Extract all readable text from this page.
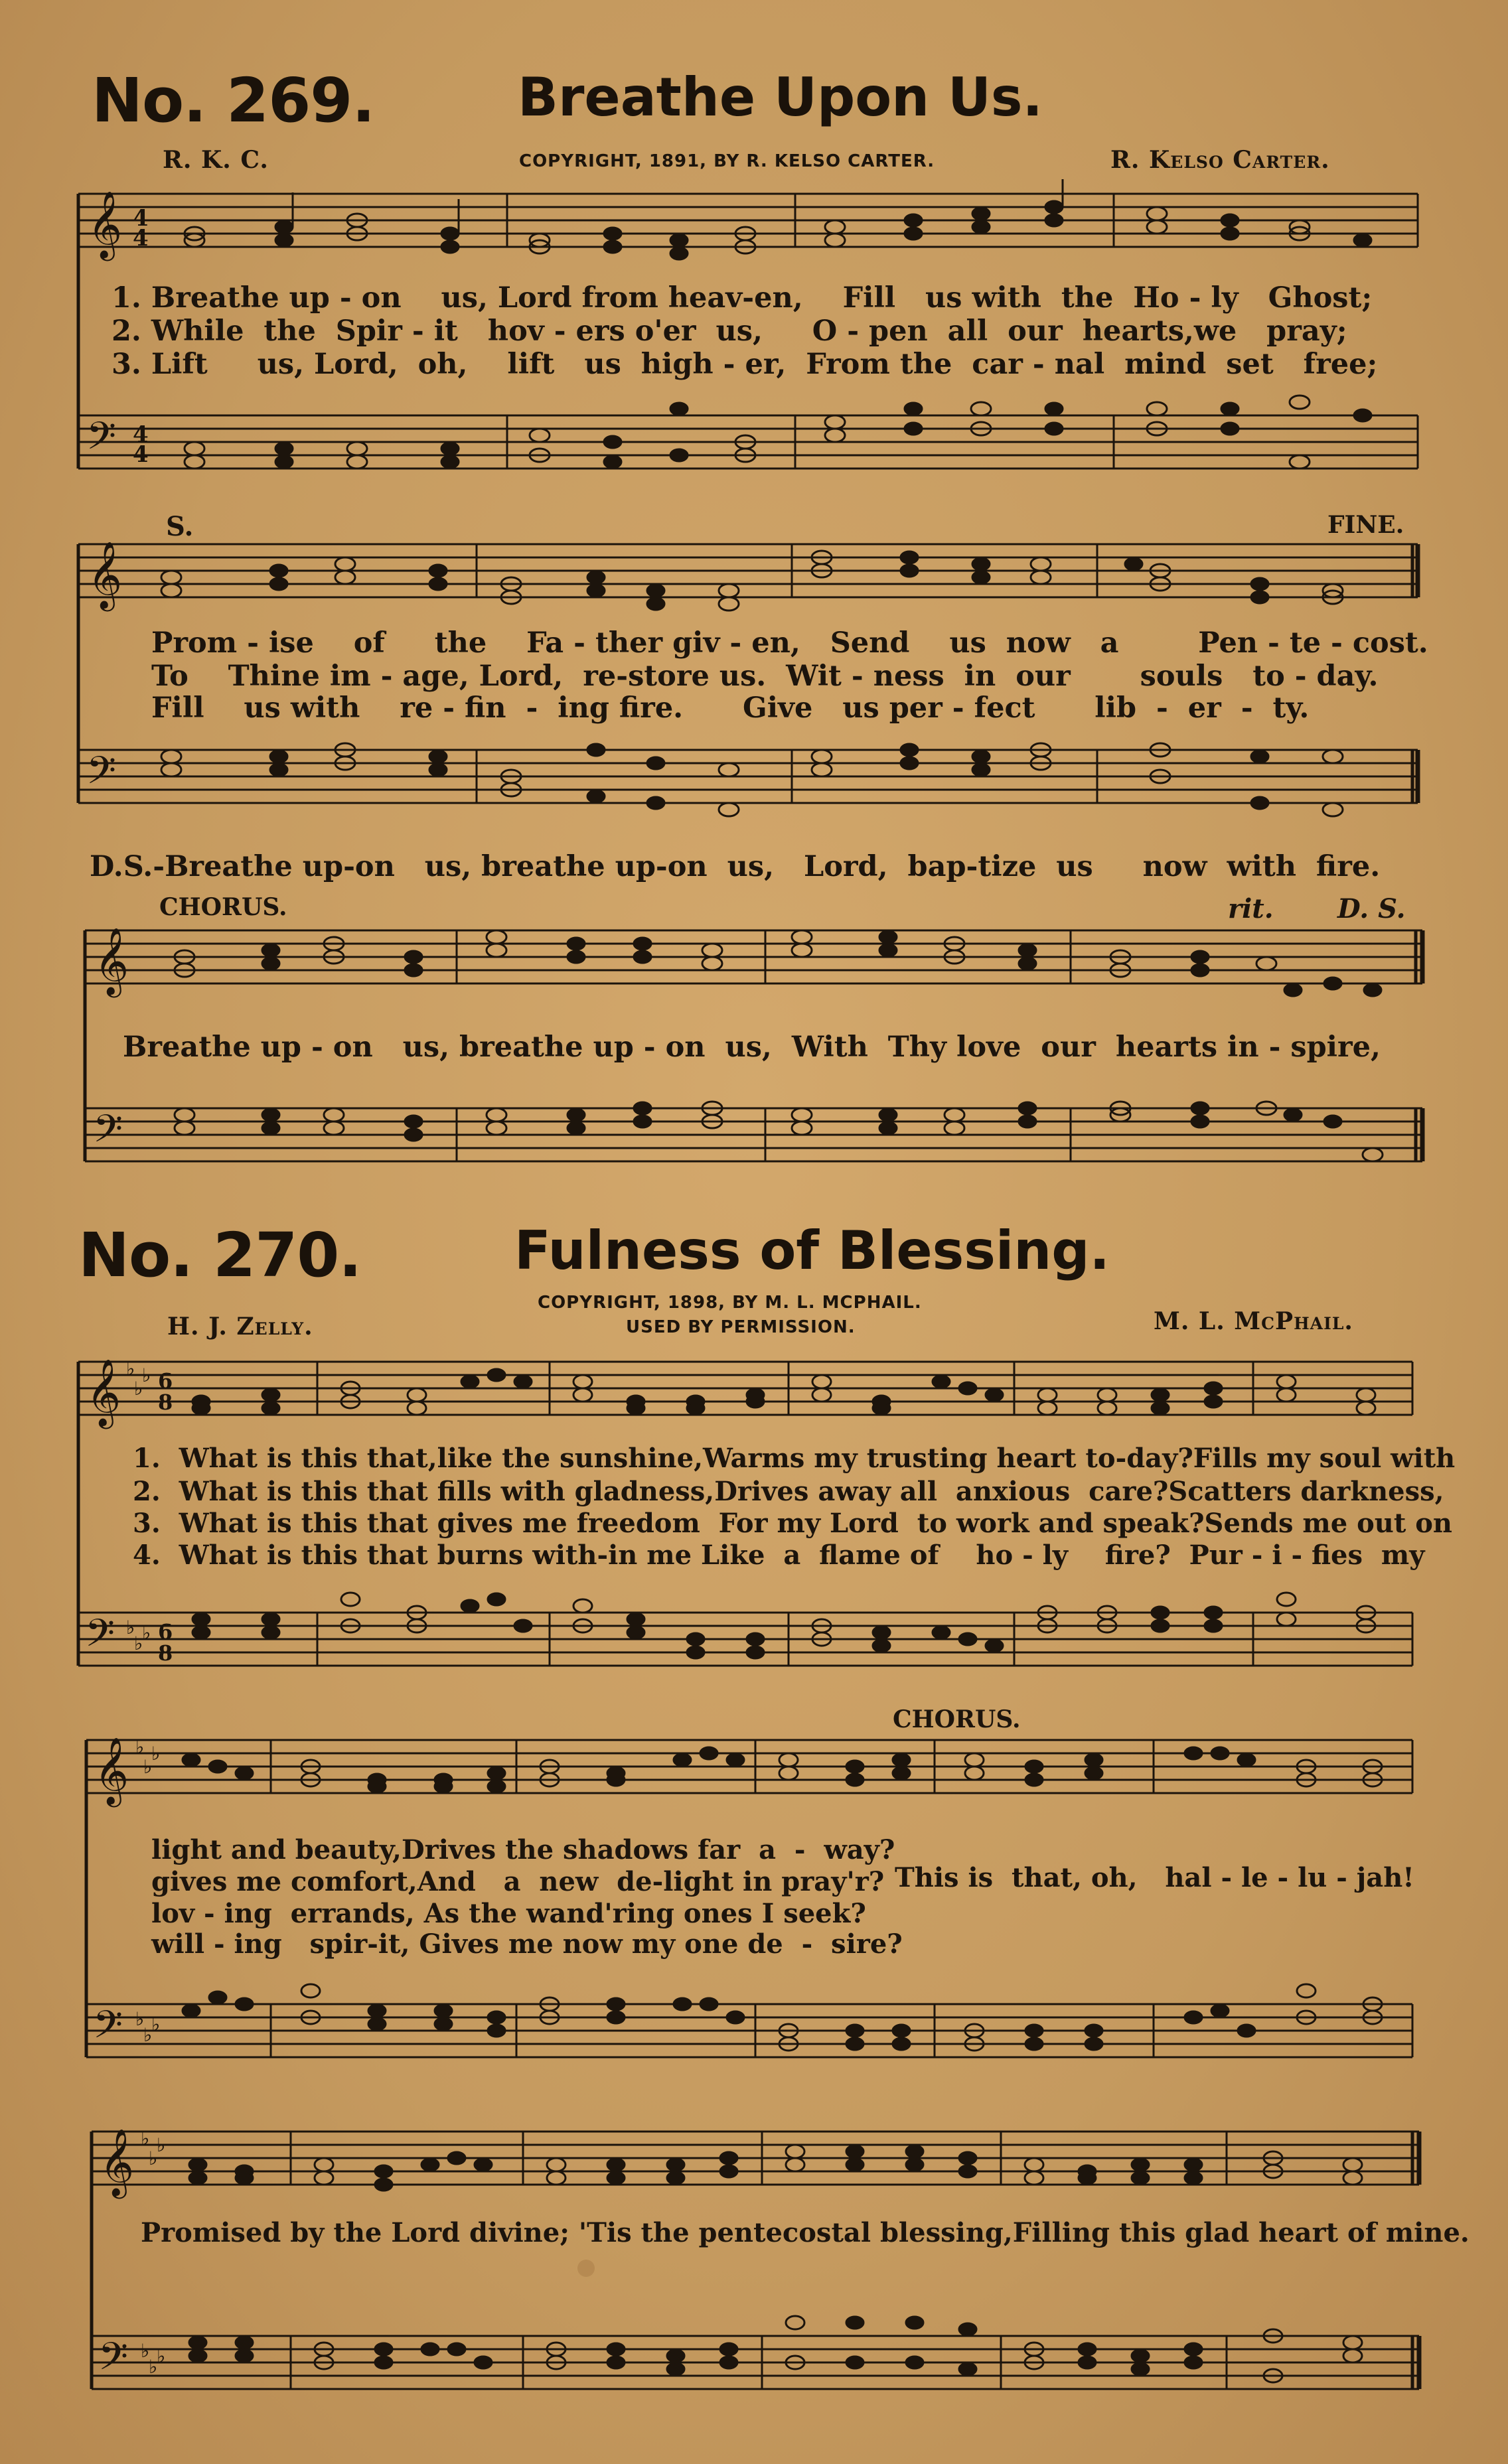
No. 269.	Breathe Upon Us.
R. K. C.	COPYRIGHT, 1891, BY R. KELSO CARTER.	R. Kelso Carter.
𝄞
𝄢
4
4
4
4
1. Breathe up - on    us, Lord from heav-en,    Fill   us with  the  Ho - ly   Ghost;
2. While  the  Spir - it   hov - ers o'er  us,     O - pen  all  our  hearts,we   pray;
3. Lift     us, Lord,  oh,    lift   us  high - er,  From the  car - nal  mind  set   free;
S.	FINE.
𝄞
𝄢
Prom - ise    of     the    Fa - ther giv - en,   Send    us  now   a        Pen - te - cost.
To    Thine im - age, Lord,  re-store us.  Wit - ness  in  our       souls   to - day.
Fill    us with    re - fin  -  ing fire.      Give   us per - fect      lib  -  er  -  ty.
D.S.-Breathe up-on   us, breathe up-on  us,   Lord,  bap-tize  us     now  with  fire.
CHORUS.	rit. D. S.
𝄞
𝄢
Breathe up - on   us, breathe up - on  us,  With  Thy love  our  hearts in - spire,
No. 270.	Fulness of Blessing.
COPYRIGHT, 1898, BY M. L. MCPHAIL.
USED BY PERMISSION.
H. J. Zelly.	M. L. McPhail.
𝄞
𝄢
♭
♭
♭ 6
8
♭
♭
♭ 6
8
1.  What is this that,like the sunshine,Warms my trusting heart to-day?Fills my soul with
2.  What is this that fills with gladness,Drives away all  anxious  care?Scatters darkness,
3.  What is this that gives me freedom  For my Lord  to work and speak?Sends me out on
4.  What is this that burns with-in me Like  a  flame of    ho - ly    fire?  Pur - i - fies  my
CHORUS.
𝄞
𝄢
♭
♭
♭
♭
♭
♭
light and beauty,Drives the shadows far  a  -  way?
gives me comfort,And   a  new  de-light in pray'r?
lov - ing  errands, As the wand'ring ones I seek?
will - ing   spir-it, Gives me now my one de  -  sire?
This is  that, oh,   hal - le - lu - jah!
𝄞
𝄢
♭
♭
♭
♭
♭
♭
Promised by the Lord divine; 'Tis the pentecostal blessing,Filling this glad heart of mine.
